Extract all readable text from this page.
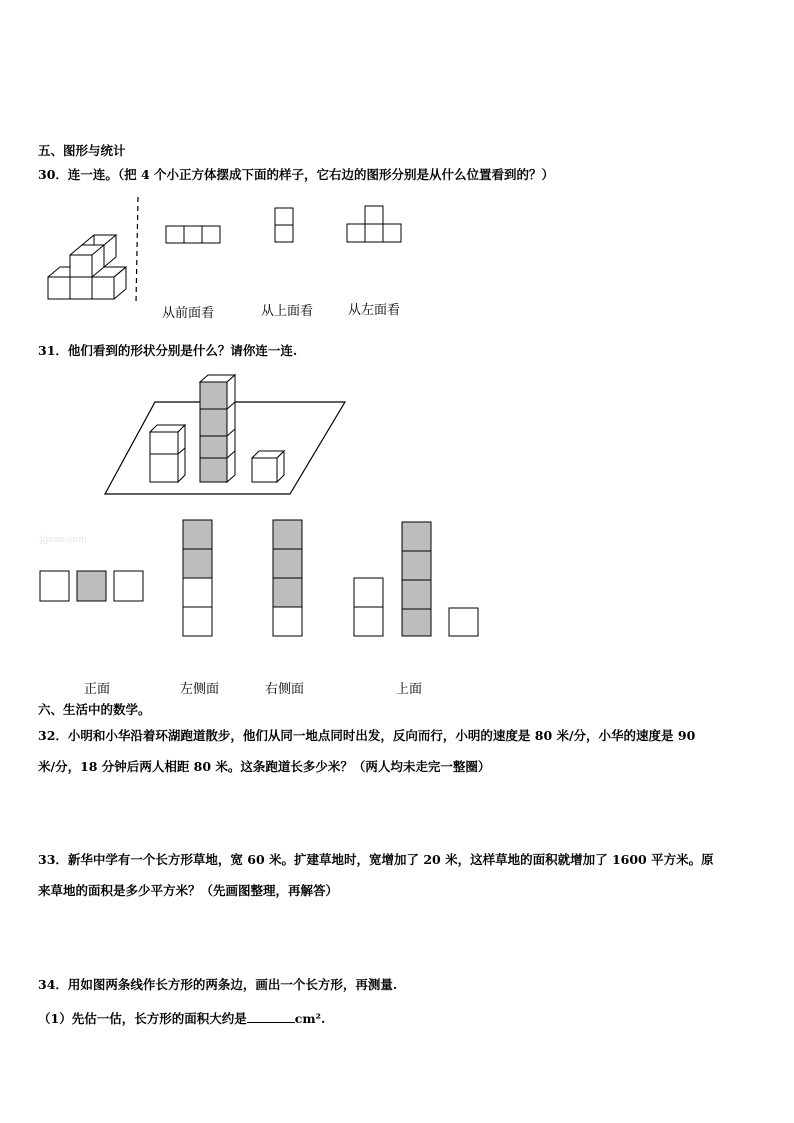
五、图形与统计
30．连一连。（把 4 个小正方体摆成下面的样子，它右边的图形分别是从什么位置看到的？）
从前面看	从上面看	从左面看
31．他们看到的形状分别是什么？请你连一连.
Jgooo.com
正面	左侧面	右侧面	上面
六、生活中的数学。
32．小明和小华沿着环湖跑道散步，他们从同一地点同时出发，反向而行，小明的速度是 80 米/分，小华的速度是 90
米/分，18 分钟后两人相距 80 米。这条跑道长多少米？（两人均未走完一整圈）
33．新华中学有一个长方形草地，宽 60 米。扩建草地时，宽增加了 20 米，这样草地的面积就增加了 1600 平方米。原
来草地的面积是多少平方米？（先画图整理，再解答）
34．用如图两条线作长方形的两条边，画出一个长方形，再测量.
（1）先估一估，长方形的面积大约是	cm².
